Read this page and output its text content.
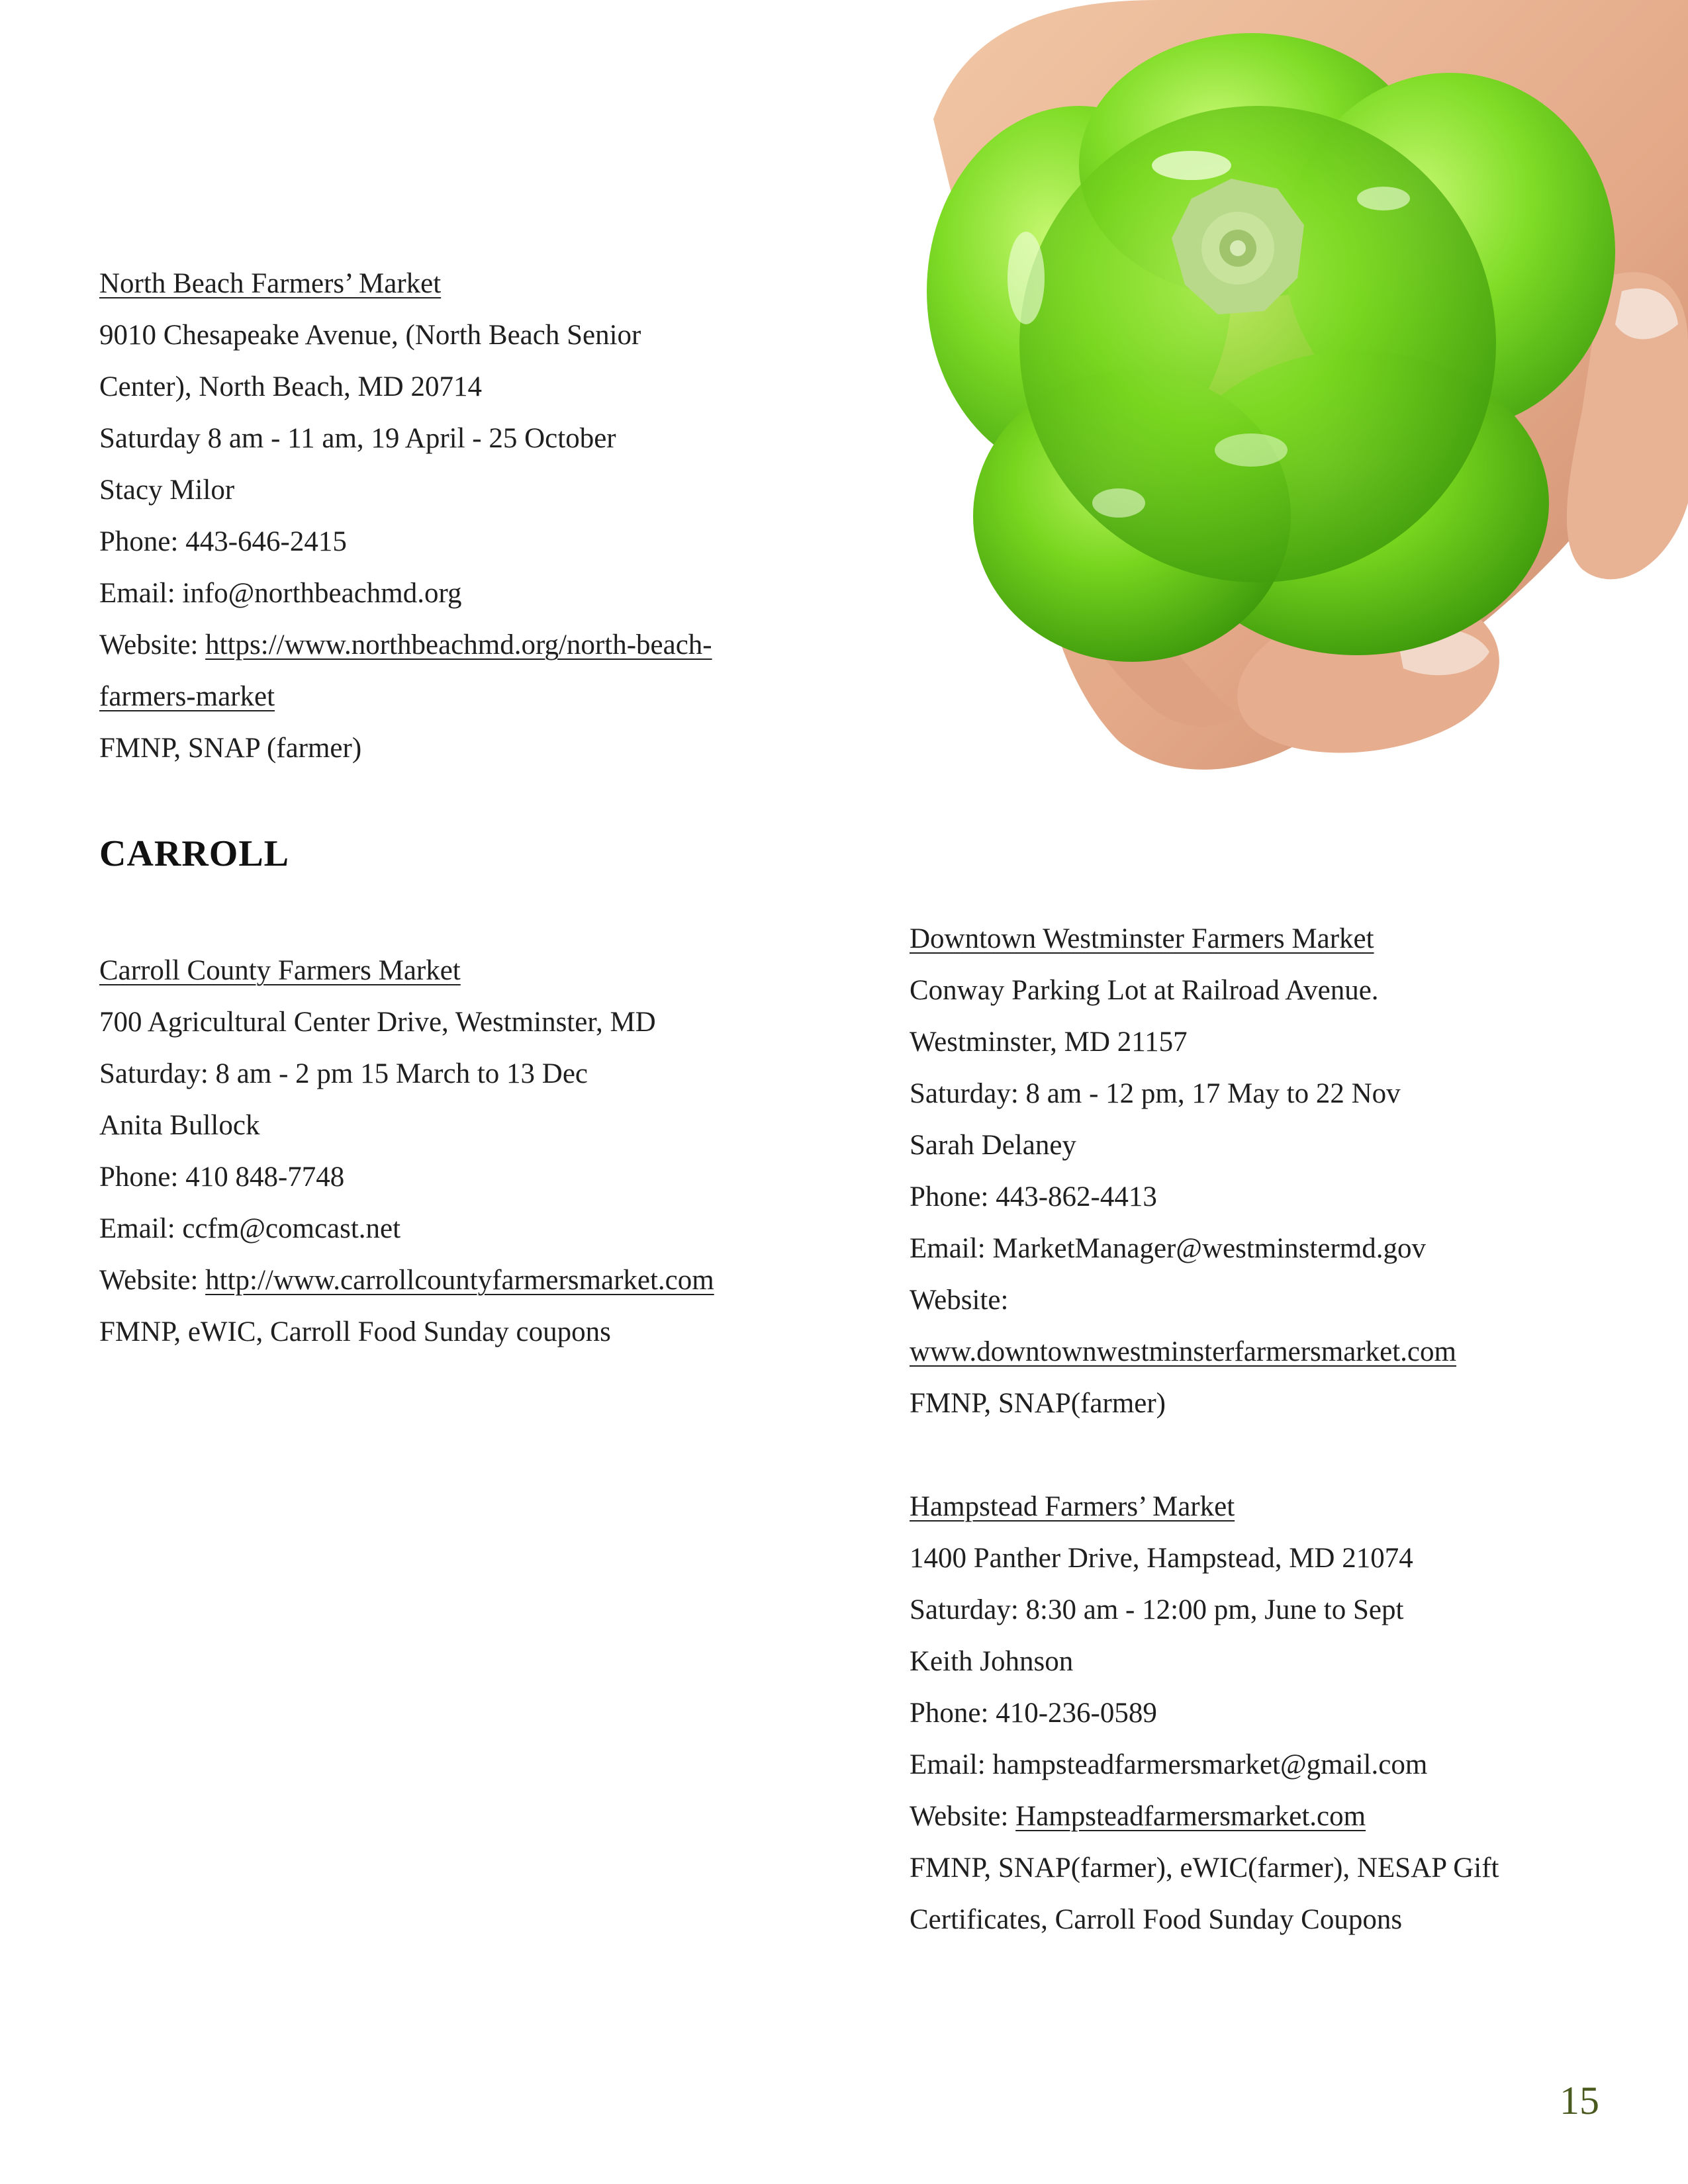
North Beach Farmers’ Market
9010 Chesapeake Avenue, (North Beach Senior
Center), North Beach, MD 20714
Saturday 8 am - 11 am, 19 April - 25 October
Stacy Milor
Phone: 443-646-2415
Email: info@northbeachmd.org
Website: https://www.northbeachmd.org/north-beach-
farmers-market
FMNP, SNAP (farmer)
CARROLL
Carroll County Farmers Market
700 Agricultural Center Drive, Westminster, MD
Saturday: 8 am - 2 pm 15 March to 13 Dec
Anita Bullock
Phone: 410 848-7748
Email: ccfm@comcast.net
Website: http://www.carrollcountyfarmersmarket.com
FMNP, eWIC, Carroll Food Sunday coupons
Downtown Westminster Farmers Market
Conway Parking Lot at Railroad Avenue.
Westminster, MD 21157
Saturday: 8 am - 12 pm, 17 May to 22 Nov
Sarah Delaney
Phone: 443-862-4413
Email: MarketManager@westminstermd.gov
Website:
www.downtownwestminsterfarmersmarket.com
FMNP, SNAP(farmer)
Hampstead Farmers’ Market
1400 Panther Drive, Hampstead, MD 21074
Saturday: 8:30 am - 12:00 pm, June to Sept
Keith Johnson
Phone: 410-236-0589
Email: hampsteadfarmersmarket@gmail.com
Website: Hampsteadfarmersmarket.com
FMNP, SNAP(farmer), eWIC(farmer), NESAP Gift
Certificates, Carroll Food Sunday Coupons
15
